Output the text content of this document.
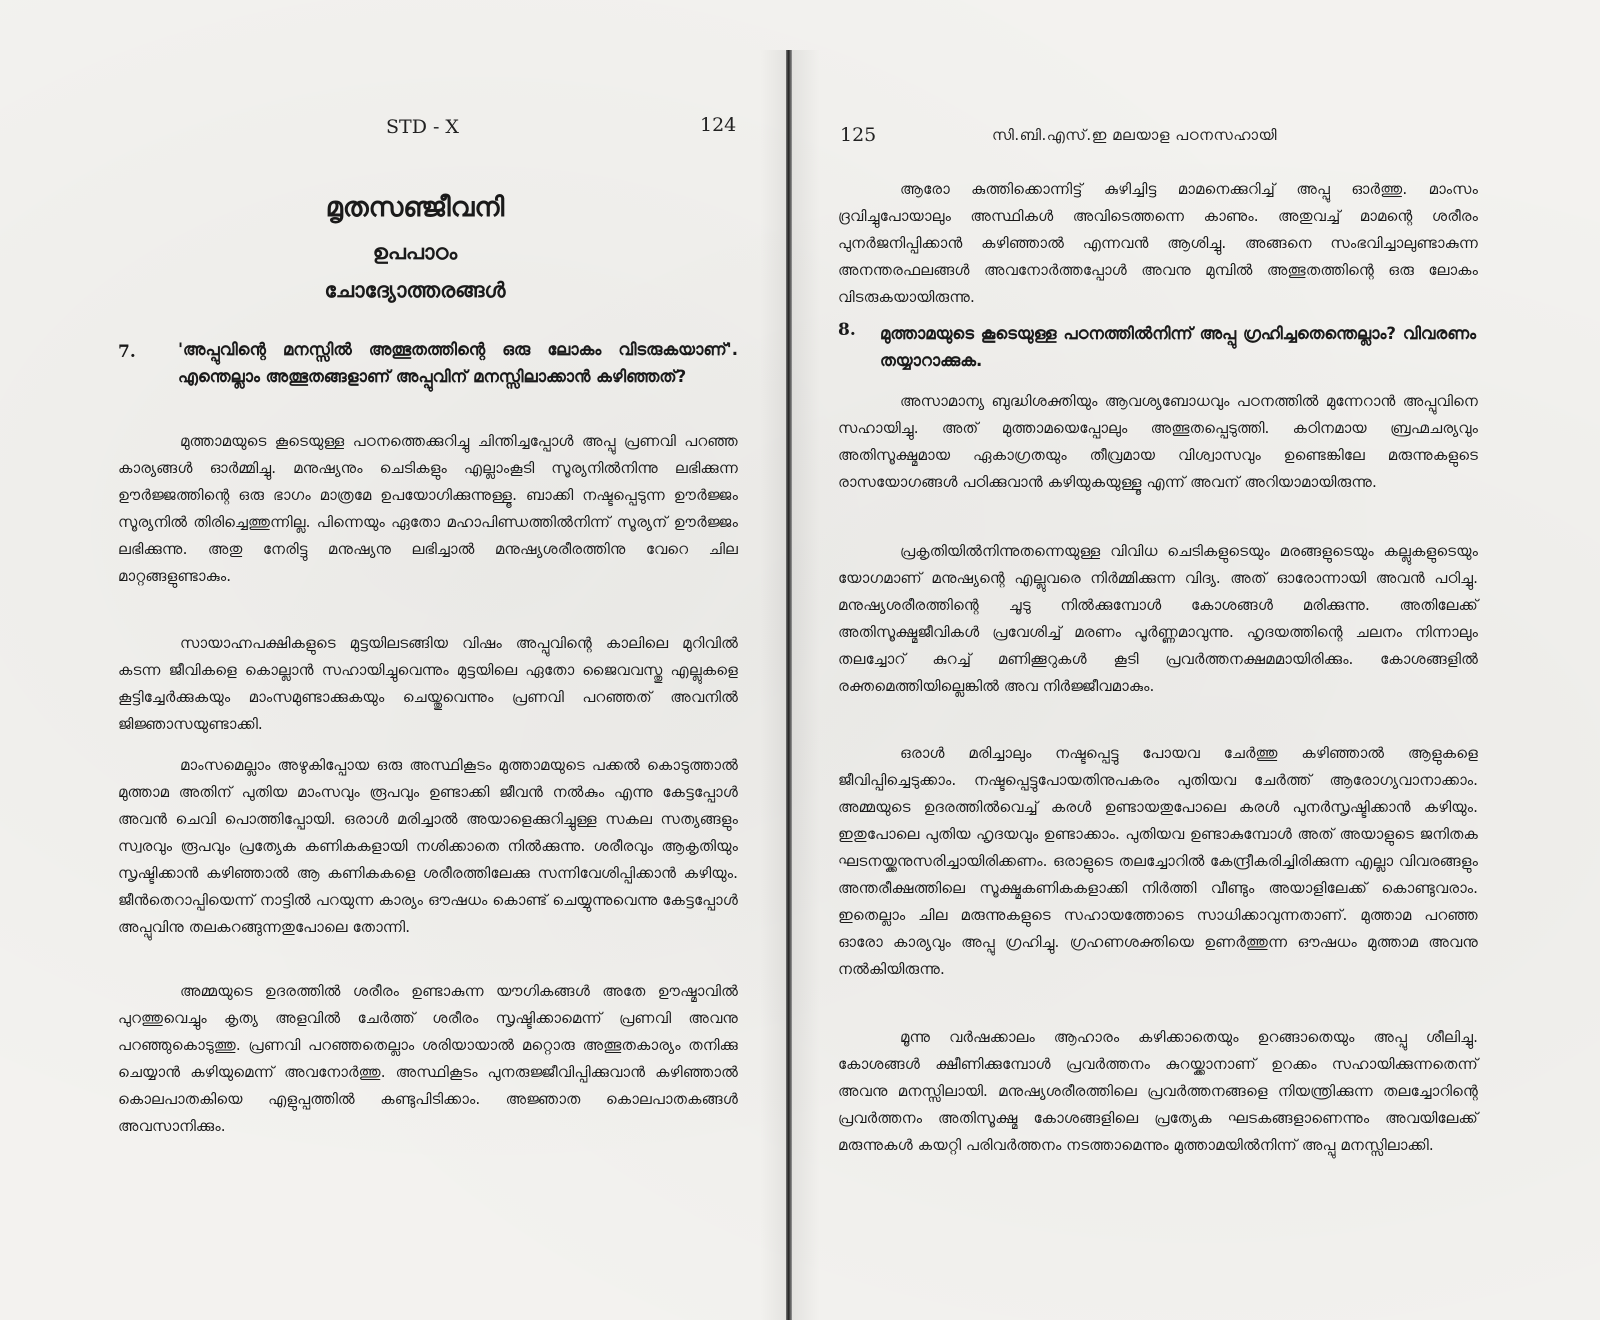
STD - X	124
മൃതസഞ്ജീവനി
ഉപപാഠം
ചോദ്യോത്തരങ്ങൾ
7.	'അപ്പുവിന്റെ മനസ്സിൽ അത്ഭുതത്തിന്റെ ഒരു ലോകം വിടരുകയാണ്'. എന്തെല്ലാം അത്ഭുതങ്ങളാണ് അപ്പുവിന് മനസ്സിലാക്കാൻ കഴിഞ്ഞത്?
മുത്താമയുടെ കൂടെയുള്ള പഠനത്തെക്കുറിച്ചു ചിന്തിച്ചപ്പോൾ അപ്പു പ്രണവി പറഞ്ഞ കാര്യങ്ങൾ ഓർമ്മിച്ചു. മനുഷ്യനും ചെടികളും എല്ലാംകൂടി സൂര്യനിൽനിന്നു ലഭിക്കുന്ന ഊർജ്ജത്തിന്റെ ഒരു ഭാഗം മാത്രമേ ഉപയോഗിക്കുന്നുള്ളൂ. ബാക്കി നഷ്ടപ്പെടുന്ന ഊർജ്ജം സൂര്യനിൽ തിരിച്ചെത്തുന്നില്ല. പിന്നെയും ഏതോ മഹാപിണ്ഡത്തിൽനിന്ന് സൂര്യന് ഊർജ്ജം ലഭിക്കുന്നു. അതു നേരിട്ടു മനുഷ്യനു ലഭിച്ചാൽ മനുഷ്യശരീരത്തിനു വേറെ ചില മാറ്റങ്ങളുണ്ടാകും.
സായാഹ്നപക്ഷികളുടെ മുട്ടയിലടങ്ങിയ വിഷം അപ്പുവിന്റെ കാലിലെ മുറിവിൽ കടന്ന ജീവികളെ കൊല്ലാൻ സഹായിച്ചുവെന്നും മുട്ടയിലെ ഏതോ ജൈവവസ്തു എല്ലുകളെ കൂട്ടിച്ചേർക്കുകയും മാംസമുണ്ടാക്കുകയും ചെയ്തുവെന്നും പ്രണവി പറഞ്ഞത് അവനിൽ ജിജ്ഞാസയുണ്ടാക്കി.
മാംസമെല്ലാം അഴുകിപ്പോയ ഒരു അസ്ഥികൂടം മുത്താമയുടെ പക്കൽ കൊടുത്താൽ മുത്താമ അതിന് പുതിയ മാംസവും രൂപവും ഉണ്ടാക്കി ജീവൻ നൽകും എന്നു കേട്ടപ്പോൾ അവൻ ചെവി പൊത്തിപ്പോയി. ഒരാൾ മരിച്ചാൽ അയാളെക്കുറിച്ചുള്ള സകല സത്യങ്ങളും സ്വരവും രൂപവും പ്രത്യേക കണികകളായി നശിക്കാതെ നിൽക്കുന്നു. ശരീരവും ആകൃതിയും സൃഷ്ടിക്കാൻ കഴിഞ്ഞാൽ ആ കണികകളെ ശരീരത്തിലേക്കു സന്നിവേശിപ്പിക്കാൻ കഴിയും. ജീൻതെറാപ്പിയെന്ന് നാട്ടിൽ പറയുന്ന കാര്യം ഔഷധം കൊണ്ട് ചെയ്യുന്നുവെന്നു കേട്ടപ്പോൾ അപ്പുവിനു തലകറങ്ങുന്നതുപോലെ തോന്നി.
അമ്മയുടെ ഉദരത്തിൽ ശരീരം ഉണ്ടാകുന്ന യൗഗികങ്ങൾ അതേ ഊഷ്മാവിൽ പുറത്തുവെച്ചും കൃത്യ അളവിൽ ചേർത്ത് ശരീരം സൃഷ്ടിക്കാമെന്ന് പ്രണവി അവനു പറഞ്ഞുകൊടുത്തു. പ്രണവി പറഞ്ഞതെല്ലാം ശരിയായാൽ മറ്റൊരു അത്ഭുതകാര്യം തനിക്കു ചെയ്യാൻ കഴിയുമെന്ന് അവനോർത്തു. അസ്ഥികൂടം പുനരുജ്ജീവിപ്പിക്കുവാൻ കഴിഞ്ഞാൽ കൊലപാതകിയെ എളുപ്പത്തിൽ കണ്ടുപിടിക്കാം. അജ്ഞാത കൊലപാതകങ്ങൾ അവസാനിക്കും.
125	സി.ബി.എസ്.ഇ മലയാള പഠനസഹായി
ആരോ കുത്തിക്കൊന്നിട്ട് കുഴിച്ചിട്ട മാമനെക്കുറിച്ച് അപ്പു ഓർത്തു. മാംസം ദ്രവിച്ചുപോയാലും അസ്ഥികൾ അവിടെത്തന്നെ കാണും. അതുവച്ച് മാമന്റെ ശരീരം പുനർജനിപ്പിക്കാൻ കഴിഞ്ഞാൽ എന്നവൻ ആശിച്ചു. അങ്ങനെ സംഭവിച്ചാലുണ്ടാകുന്ന അനന്തരഫലങ്ങൾ അവനോർത്തപ്പോൾ അവനു മുമ്പിൽ അത്ഭുതത്തിന്റെ ഒരു ലോകം വിടരുകയായിരുന്നു.
8. മുത്താമയുടെ കൂടെയുള്ള പഠനത്തിൽനിന്ന് അപ്പു ഗ്രഹിച്ചതെന്തെല്ലാം? വിവരണം തയ്യാറാക്കുക.
അസാമാന്യ ബുദ്ധിശക്തിയും ആവശ്യബോധവും പഠനത്തിൽ മുന്നേറാൻ അപ്പുവിനെ സഹായിച്ചു. അത് മുത്താമയെപ്പോലും അത്ഭുതപ്പെടുത്തി. കഠിനമായ ബ്രഹ്മചര്യവും അതിസൂക്ഷ്മമായ ഏകാഗ്രതയും തീവ്രമായ വിശ്വാസവും ഉണ്ടെങ്കിലേ മരുന്നുകളുടെ രാസയോഗങ്ങൾ പഠിക്കുവാൻ കഴിയുകയുള്ളൂ എന്ന് അവന് അറിയാമായിരുന്നു.
പ്രകൃതിയിൽനിന്നുതന്നെയുള്ള വിവിധ ചെടികളുടെയും മരങ്ങളുടെയും കല്ലുകളുടെയും യോഗമാണ് മനുഷ്യന്റെ എല്ലുവരെ നിർമ്മിക്കുന്ന വിദ്യ. അത് ഓരോന്നായി അവൻ പഠിച്ചു. മനുഷ്യശരീരത്തിന്റെ ചൂടു നിൽക്കുമ്പോൾ കോശങ്ങൾ മരിക്കുന്നു. അതിലേക്ക് അതിസൂക്ഷ്മജീവികൾ പ്രവേശിച്ച് മരണം പൂർണ്ണമാവുന്നു. ഹൃദയത്തിന്റെ ചലനം നിന്നാലും തലച്ചോറ് കുറച്ച് മണിക്കൂറുകൾ കൂടി പ്രവർത്തനക്ഷമമായിരിക്കും. കോശങ്ങളിൽ രക്തമെത്തിയില്ലെങ്കിൽ അവ നിർജ്ജീവമാകും.
ഒരാൾ മരിച്ചാലും നഷ്ടപ്പെട്ടു പോയവ ചേർത്തു കഴിഞ്ഞാൽ ആളുകളെ ജീവിപ്പിച്ചെടുക്കാം. നഷ്ടപ്പെട്ടുപോയതിനുപകരം പുതിയവ ചേർത്ത് ആരോഗ്യവാനാക്കാം. അമ്മയുടെ ഉദരത്തിൽവെച്ച് കരൾ ഉണ്ടായതുപോലെ കരൾ പുനർസൃഷ്ടിക്കാൻ കഴിയും. ഇതുപോലെ പുതിയ ഹൃദയവും ഉണ്ടാക്കാം. പുതിയവ ഉണ്ടാകുമ്പോൾ അത് അയാളുടെ ജനിതക ഘടനയ്ക്കനുസരിച്ചായിരിക്കണം. ഒരാളുടെ തലച്ചോറിൽ കേന്ദ്രീകരിച്ചിരിക്കുന്ന എല്ലാ വിവരങ്ങളും അന്തരീക്ഷത്തിലെ സൂക്ഷ്മകണികകളാക്കി നിർത്തി വീണ്ടും അയാളിലേക്ക് കൊണ്ടുവരാം. ഇതെല്ലാം ചില മരുന്നുകളുടെ സഹായത്തോടെ സാധിക്കാവുന്നതാണ്. മുത്താമ പറഞ്ഞ ഓരോ കാര്യവും അപ്പു ഗ്രഹിച്ചു. ഗ്രഹണശക്തിയെ ഉണർത്തുന്ന ഔഷധം മുത്താമ അവനു നൽകിയിരുന്നു.
മൂന്നു വർഷക്കാലം ആഹാരം കഴിക്കാതെയും ഉറങ്ങാതെയും അപ്പു ശീലിച്ചു. കോശങ്ങൾ ക്ഷീണിക്കുമ്പോൾ പ്രവർത്തനം കുറയ്ക്കാനാണ് ഉറക്കം സഹായിക്കുന്നതെന്ന് അവനു മനസ്സിലായി. മനുഷ്യശരീരത്തിലെ പ്രവർത്തനങ്ങളെ നിയന്ത്രിക്കുന്ന തലച്ചോറിന്റെ പ്രവർത്തനം അതിസൂക്ഷ്മ കോശങ്ങളിലെ പ്രത്യേക ഘടകങ്ങളാണെന്നും അവയിലേക്ക് മരുന്നുകൾ കയറ്റി പരിവർത്തനം നടത്താമെന്നും മുത്താമയിൽനിന്ന് അപ്പു മനസ്സിലാക്കി.
